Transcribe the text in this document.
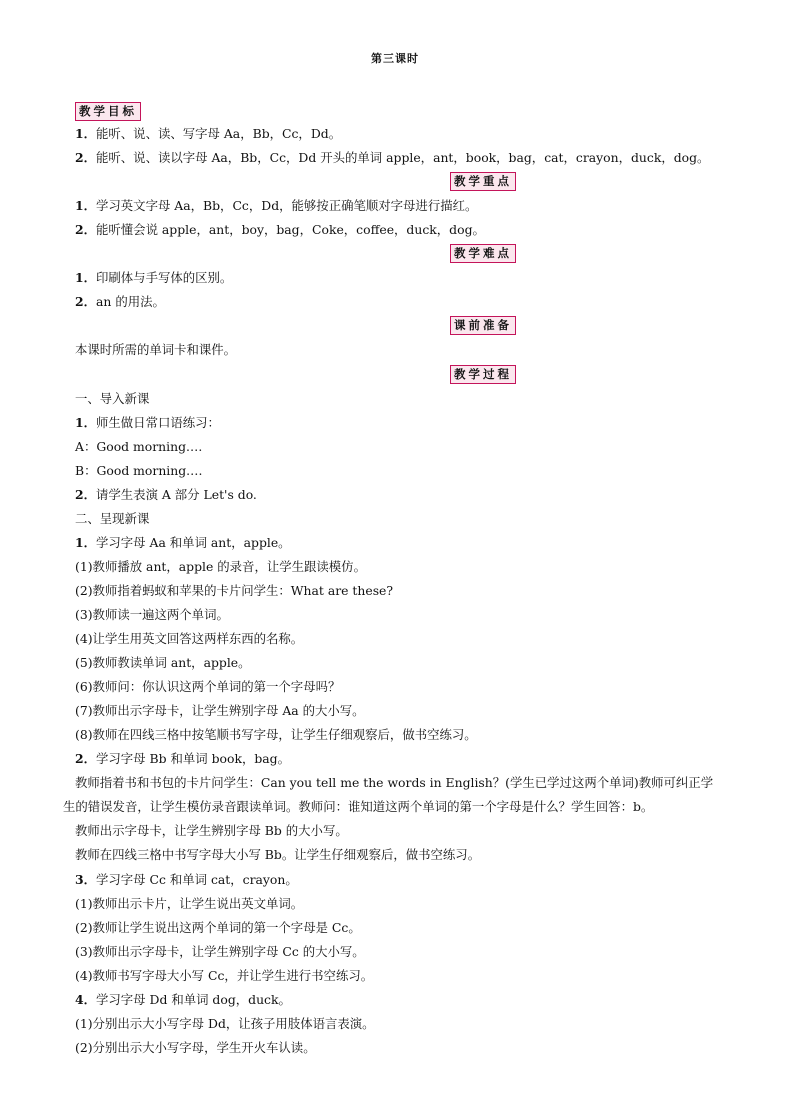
第三课时
教学目标
1．能听、说、读、写字母 Aa，Bb，Cc，Dd。
2．能听、说、读以字母 Aa，Bb，Cc，Dd 开头的单词 apple，ant，book，bag，cat，crayon，duck，dog。
教学重点
1．学习英文字母 Aa，Bb，Cc，Dd，能够按正确笔顺对字母进行描红。
2．能听懂会说 apple，ant，boy，bag，Coke，coffee，duck，dog。
教学难点
1．印刷体与手写体的区别。
2．an 的用法。
课前准备
本课时所需的单词卡和课件。
教学过程
一、导入新课
1．师生做日常口语练习：
A：Good morning.…
B：Good morning.…
2．请学生表演 A 部分 Let's do.
二、呈现新课
1．学习字母 Aa 和单词 ant，apple。
(1)教师播放 ant，apple 的录音，让学生跟读模仿。
(2)教师指着蚂蚁和苹果的卡片问学生：What are these?
(3)教师读一遍这两个单词。
(4)让学生用英文回答这两样东西的名称。
(5)教师教读单词 ant，apple。
(6)教师问：你认识这两个单词的第一个字母吗？
(7)教师出示字母卡，让学生辨别字母 Aa 的大小写。
(8)教师在四线三格中按笔顺书写字母，让学生仔细观察后，做书空练习。
2．学习字母 Bb 和单词 book，bag。
教师指着书和书包的卡片问学生：Can you tell me the words in English？(学生已学过这两个单词)教师可纠正学生的错误发音，让学生模仿录音跟读单词。教师问：谁知道这两个单词的第一个字母是什么？学生回答：b。
教师出示字母卡，让学生辨别字母 Bb 的大小写。
教师在四线三格中书写字母大小写 Bb。让学生仔细观察后，做书空练习。
3．学习字母 Cc 和单词 cat，crayon。
(1)教师出示卡片，让学生说出英文单词。
(2)教师让学生说出这两个单词的第一个字母是 Cc。
(3)教师出示字母卡，让学生辨别字母 Cc 的大小写。
(4)教师书写字母大小写 Cc，并让学生进行书空练习。
4．学习字母 Dd 和单词 dog，duck。
(1)分别出示大小写字母 Dd，让孩子用肢体语言表演。
(2)分别出示大小写字母，学生开火车认读。
